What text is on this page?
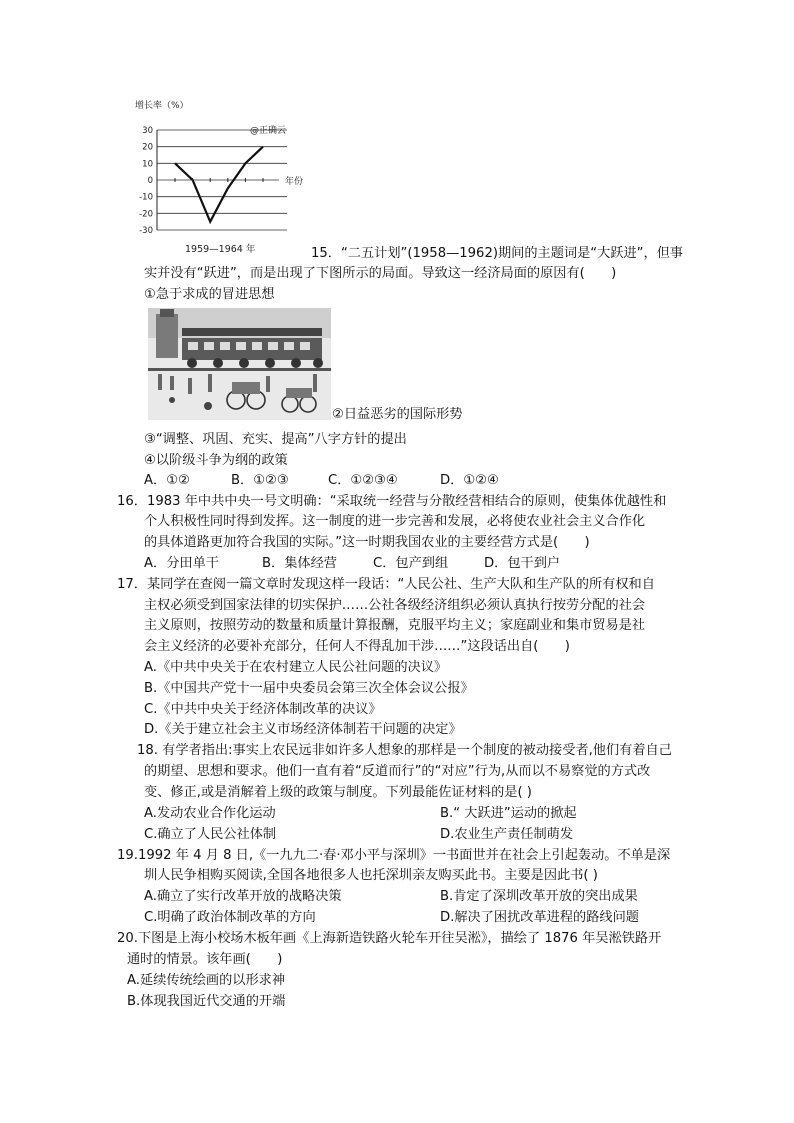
增长率（%）
30
20
10
0
-10
-20
-30
@正确云
年份
1959—1964 年	15．“二五计划”(1958—1962)期间的主题词是“大跃进”，但事
实并没有“跃进”，而是出现了下图所示的局面。导致这一经济局面的原因有(　　)
①急于求成的冒进思想
②日益恶劣的国际形势
③“调整、巩固、充实、提高”八字方针的提出
④以阶级斗争为纲的政策
A．①②	B．①②③	C．①②③④	D．①②④
16．1983 年中共中央一号文明确：“采取统一经营与分散经营相结合的原则，使集体优越性和
个人积极性同时得到发挥。这一制度的进一步完善和发展，必将使农业社会主义合作化
的具体道路更加符合我国的实际。”这一时期我国农业的主要经营方式是(　　)
A．分田单干	B．集体经营	C．包产到组	D．包干到户
17．某同学在查阅一篇文章时发现这样一段话：“人民公社、生产大队和生产队的所有权和自
主权必须受到国家法律的切实保护……公社各级经济组织必须认真执行按劳分配的社会
主义原则，按照劳动的数量和质量计算报酬，克服平均主义；家庭副业和集市贸易是社
会主义经济的必要补充部分，任何人不得乱加干涉……”这段话出自(　　)
A.《中共中央关于在农村建立人民公社问题的决议》
B.《中国共产党十一届中央委员会第三次全体会议公报》
C.《中共中央关于经济体制改革的决议》
D.《关于建立社会主义市场经济体制若干问题的决定》
18. 有学者指出:事实上农民远非如许多人想象的那样是一个制度的被动接受者,他们有着自己
的期望、思想和要求。他们一直有着“反道而行”的“对应”行为,从而以不易察觉的方式改
变、修正,或是消解着上级的政策与制度。下列最能佐证材料的是( )
A.发动农业合作化运动	B.“ 大跃进”运动的掀起
C.确立了人民公社体制	D.农业生产责任制萌发
19.1992 年 4 月 8 日,《一九九二·春·邓小平与深圳》一书面世并在社会上引起轰动。不单是深
圳人民争相购买阅读,全国各地很多人也托深圳亲友购买此书。主要是因此书( )
A.确立了实行改革开放的战略决策	B.肯定了深圳改革开放的突出成果
C.明确了政治体制改革的方向	D.解决了困扰改革进程的路线问题
20.下图是上海小校场木板年画《上海新造铁路火轮车开往吴淞》，描绘了 1876 年吴淞铁路开
通时的情景。该年画(　　)
A.延续传统绘画的以形求神
B.体现我国近代交通的开端
